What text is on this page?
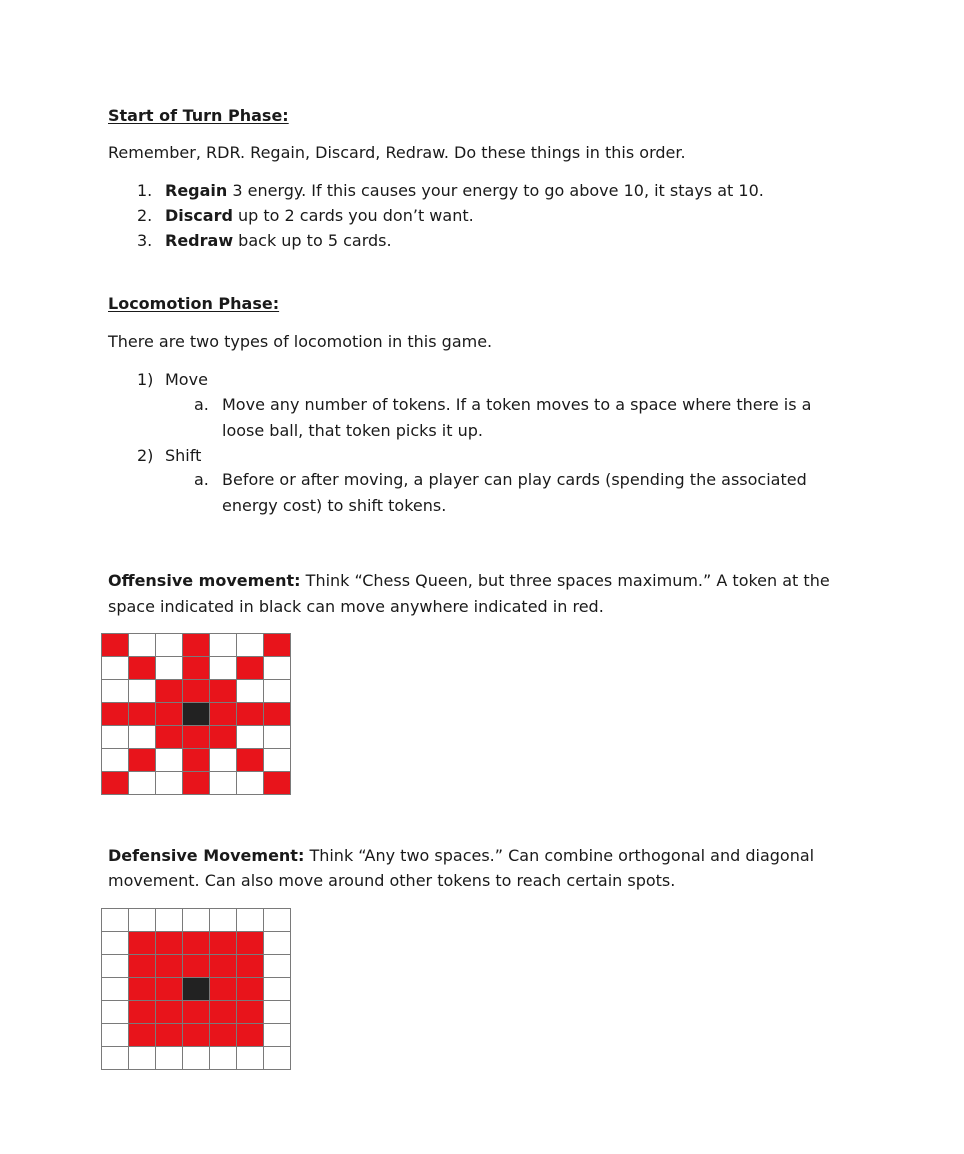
Start of Turn Phase:
Remember, RDR. Regain, Discard, Redraw. Do these things in this order.
1. Regain 3 energy. If this causes your energy to go above 10, it stays at 10.
2. Discard up to 2 cards you don’t want.
3. Redraw back up to 5 cards.
Locomotion Phase:
There are two types of locomotion in this game.
1) Move
a. Move any number of tokens. If a token moves to a space where there is a
loose ball, that token picks it up.
2) Shift
a. Before or after moving, a player can play cards (spending the associated
energy cost) to shift tokens.
Offensive movement: Think “Chess Queen, but three spaces maximum.” A token at the
space indicated in black can move anywhere indicated in red.
Defensive Movement: Think “Any two spaces.” Can combine orthogonal and diagonal
movement. Can also move around other tokens to reach certain spots.
